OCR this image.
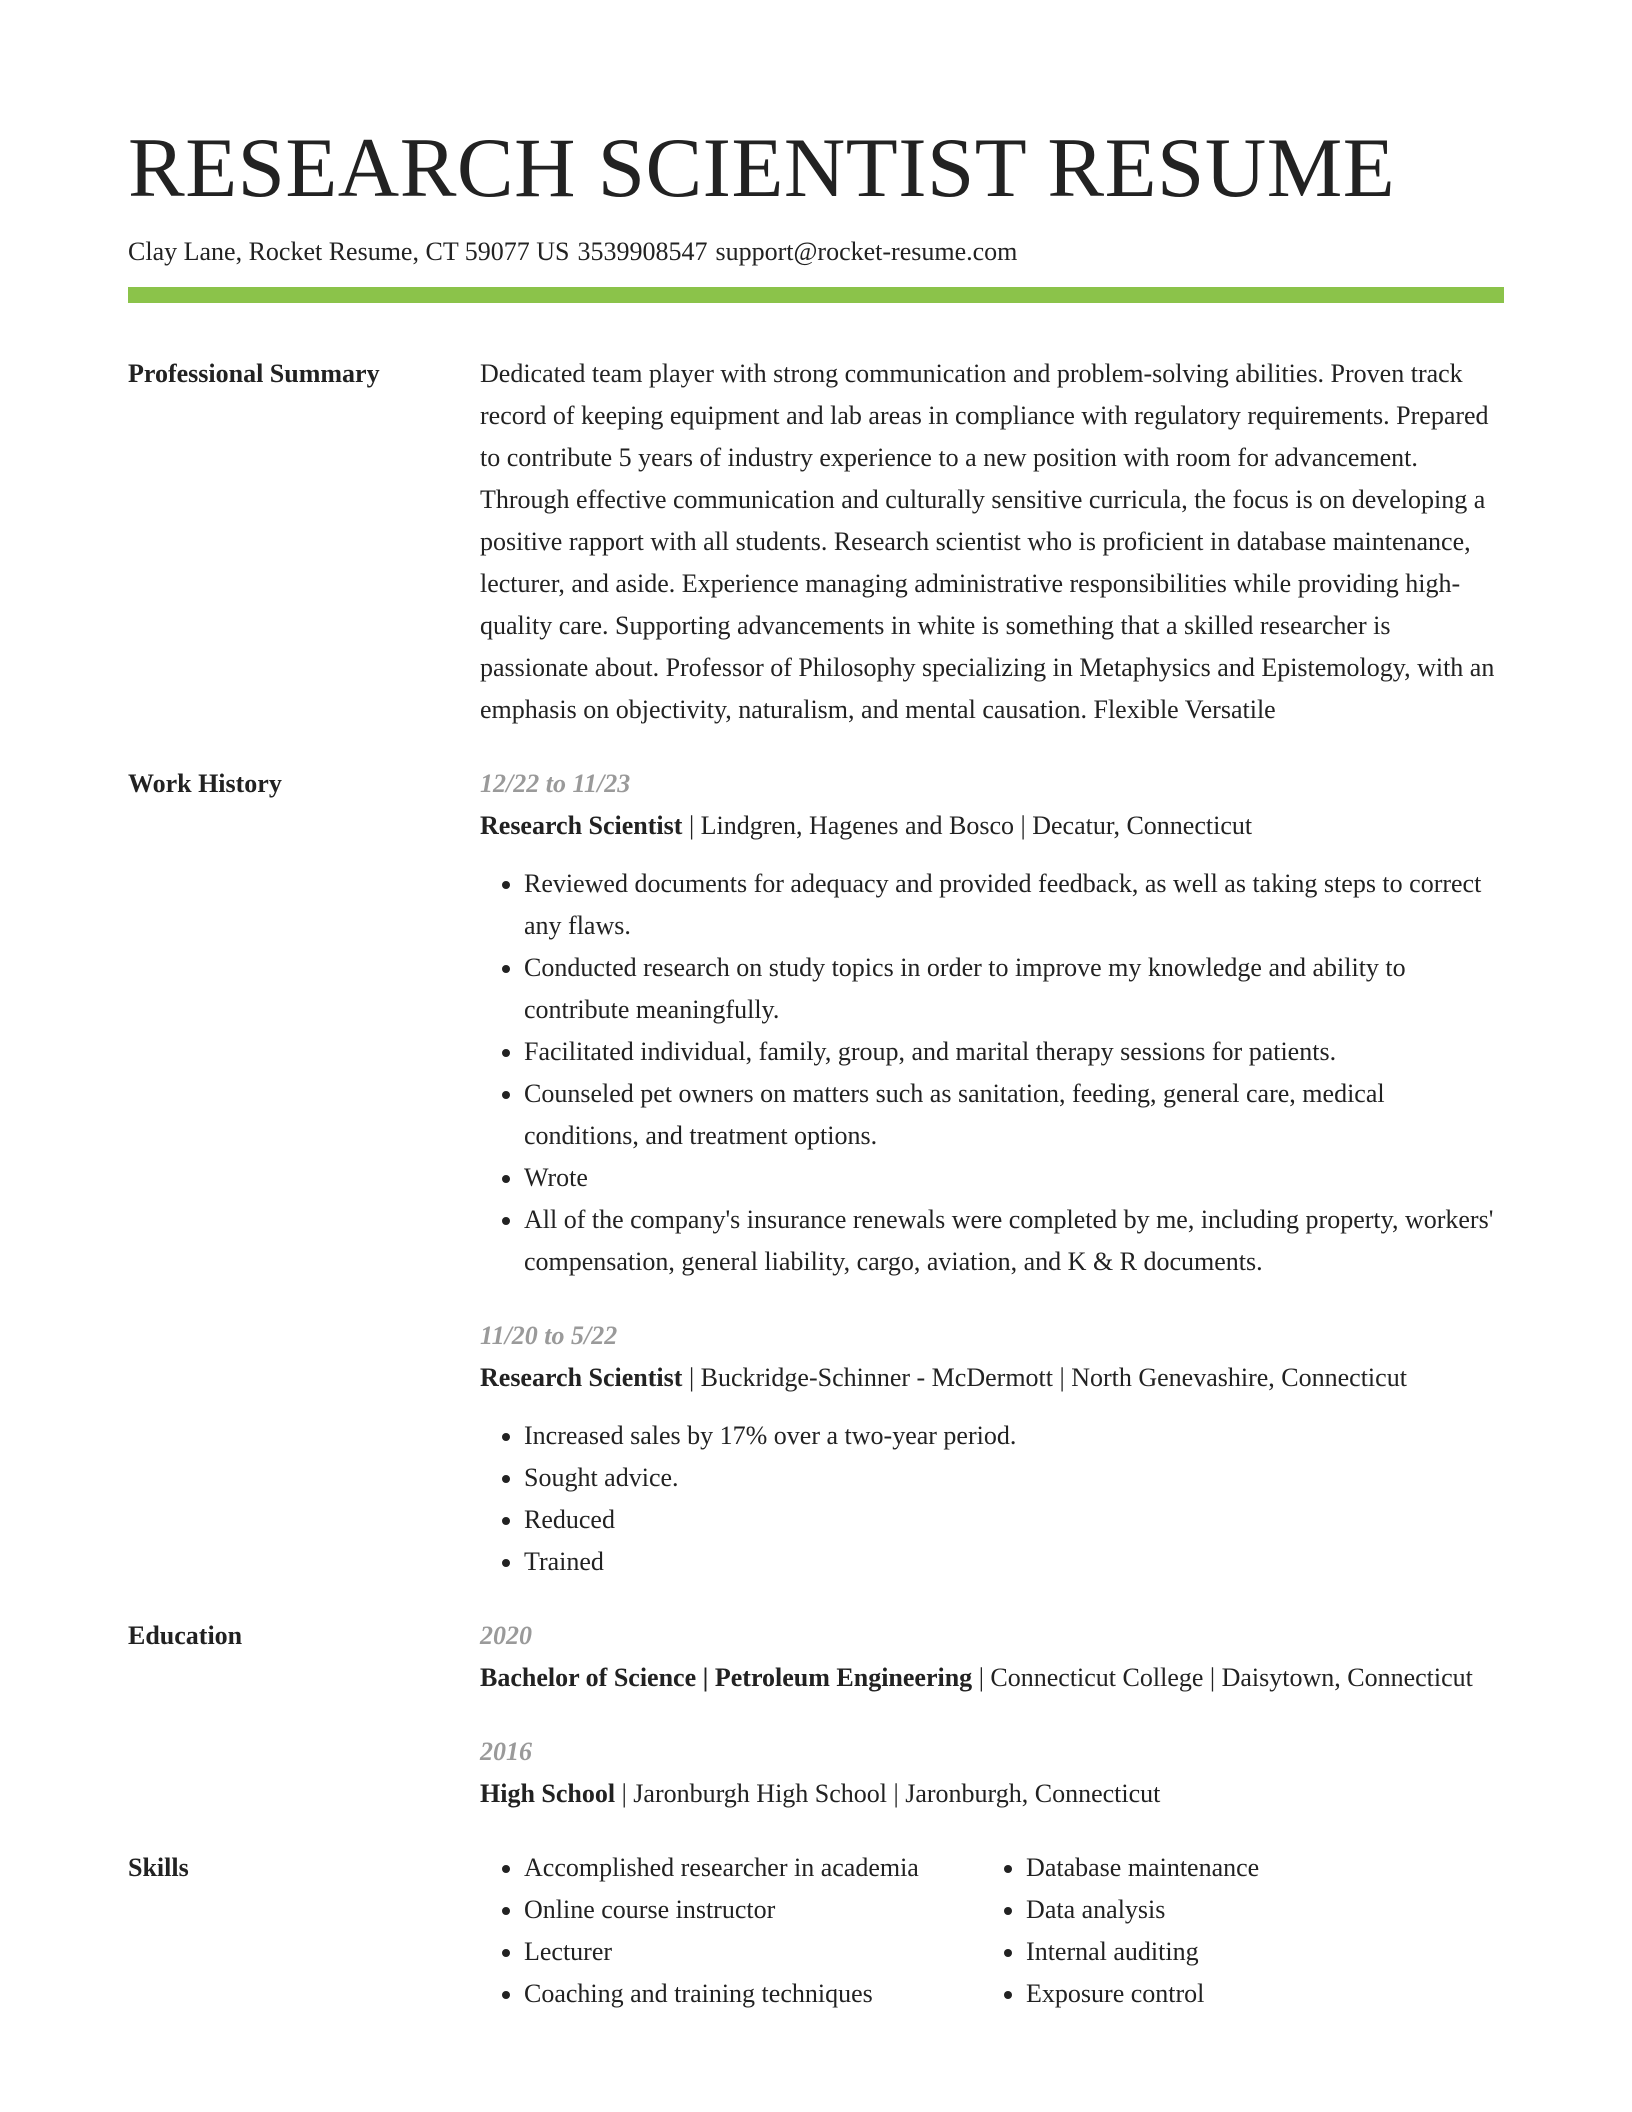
RESEARCH SCIENTIST RESUME
Clay Lane, Rocket Resume, CT 59077 US 3539908547 support@rocket-resume.com
Professional Summary	Dedicated team player with strong communication and problem-solving abilities. Proven track record of keeping equipment and lab areas in compliance with regulatory requirements. Prepared to contribute 5 years of industry experience to a new position with room for advancement. Through effective communication and culturally sensitive curricula, the focus is on developing a positive rapport with all students. Research scientist who is proficient in database maintenance, lecturer, and aside. Experience managing administrative responsibilities while providing high-quality care. Supporting advancements in white is something that a skilled researcher is passionate about. Professor of Philosophy specializing in Metaphysics and Epistemology, with an emphasis on objectivity, naturalism, and mental causation. Flexible Versatile

Work History	12/22 to 11/23
Research Scientist | Lindgren, Hagenes and Bosco | Decatur, Connecticut
• Reviewed documents for adequacy and provided feedback, as well as taking steps to correct any flaws.
• Conducted research on study topics in order to improve my knowledge and ability to contribute meaningfully.
• Facilitated individual, family, group, and marital therapy sessions for patients.
• Counseled pet owners on matters such as sanitation, feeding, general care, medical conditions, and treatment options.
• Wrote
• All of the company's insurance renewals were completed by me, including property, workers' compensation, general liability, cargo, aviation, and K & R documents.
11/20 to 5/22
Research Scientist | Buckridge-Schinner - McDermott | North Genevashire, Connecticut
• Increased sales by 17% over a two-year period.
• Sought advice.
• Reduced
• Trained
Education	2020
Bachelor of Science | Petroleum Engineering | Connecticut College | Daisytown, Connecticut
2016
High School | Jaronburgh High School | Jaronburgh, Connecticut
Skills
•	Accomplished researcher in academia
• Online course instructor
• Lecturer
• Coaching and training techniques
• Database maintenance
• Data analysis
• Internal auditing
• Exposure control
